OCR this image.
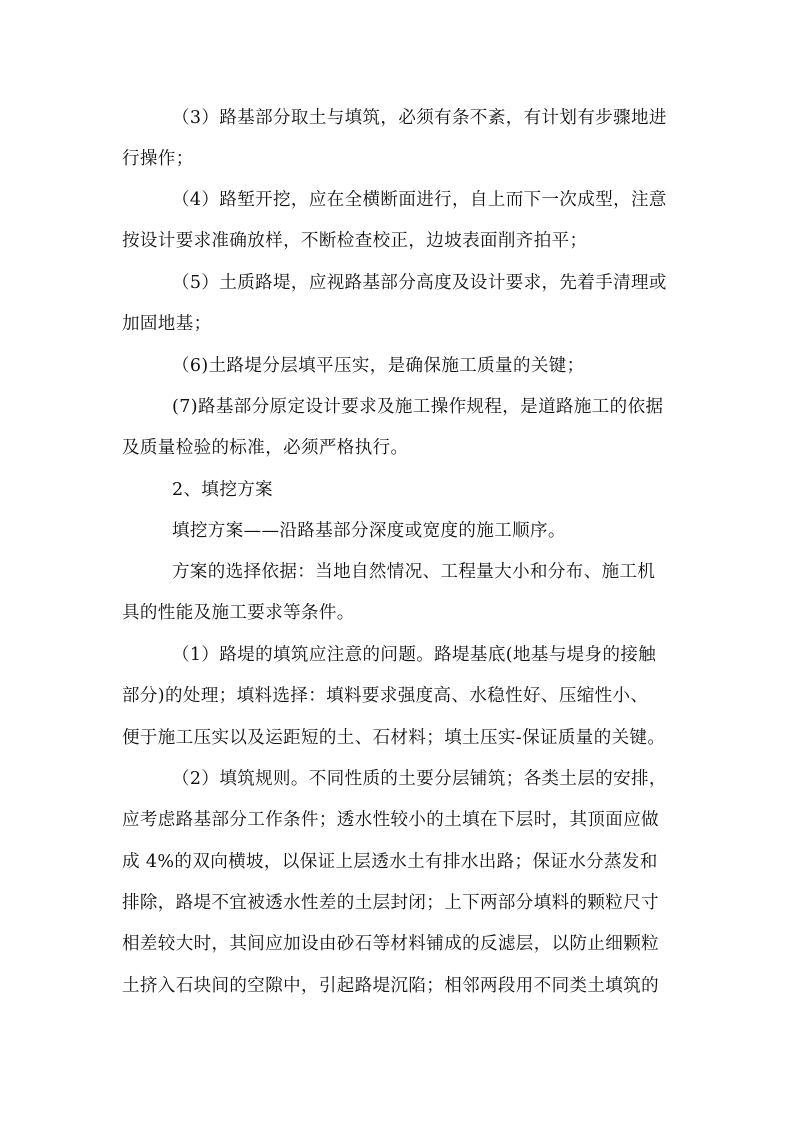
（3）路基部分取土与填筑，必须有条不紊，有计划有步骤地进
行操作；
（4）路堑开挖，应在全横断面进行，自上而下一次成型，注意
按设计要求准确放样，不断检查校正，边坡表面削齐拍平；
（5）土质路堤，应视路基部分高度及设计要求，先着手清理或
加固地基；
（6)土路堤分层填平压实，是确保施工质量的关键；
(7)路基部分原定设计要求及施工操作规程，是道路施工的依据
及质量检验的标准，必须严格执行。
2、填挖方案
填挖方案——沿路基部分深度或宽度的施工顺序。
方案的选择依据：当地自然情况、工程量大小和分布、施工机
具的性能及施工要求等条件。
（1）路堤的填筑应注意的问题。路堤基底(地基与堤身的接触
部分)的处理；填料选择：填料要求强度高、水稳性好、压缩性小、
便于施工压实以及运距短的土、石材料；填土压实-保证质量的关键。
（2）填筑规则。不同性质的土要分层铺筑；各类土层的安排，
应考虑路基部分工作条件；透水性较小的土填在下层时，其顶面应做
成 4%的双向横坡，以保证上层透水土有排水出路；保证水分蒸发和
排除，路堤不宜被透水性差的土层封闭；上下两部分填料的颗粒尺寸
相差较大时，其间应加设由砂石等材料铺成的反滤层，以防止细颗粒
土挤入石块间的空隙中，引起路堤沉陷；相邻两段用不同类土填筑的
